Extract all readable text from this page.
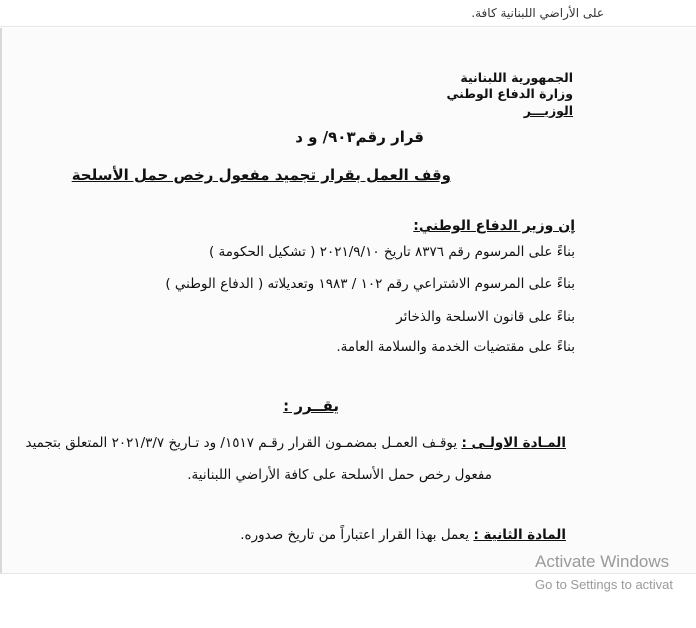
على الأراضي اللبنانية كافة.
الجمهورية اللبنانية
وزارة الدفاع الوطني
الوزيـــر
قرار رقم٩٠٣/ و د
وقف العمل بقرار تجميد مفعول رخص حمل الأسلحة
إن وزير الدفاع الوطني:
بناءً على المرسوم رقم ٨٣٧٦ تاريخ ٢٠٢١/٩/١٠ ( تشكيل الحكومة )
بناءً على المرسوم الاشتراعي رقم ١٠٢ / ١٩٨٣ وتعديلاته ( الدفاع الوطني )
بناءً على قانون الاسلحة والذخائر
بناءً على مقتضيات الخدمة والسلامة العامة.
يقــرر :
المـادة الاولـى : يوقـف العمـل بمضمـون القرار رقـم ١٥١٧/ ود تـاريخ ٢٠٢١/٣/٧ المتعلق بتجميد
مفعول رخص حمل الأسلحة على كافة الأراضي اللبنانية.
المادة الثانية : يعمل بهذا القرار اعتباراً من تاريخ صدوره.
Activate Windows
Go to Settings to activat
